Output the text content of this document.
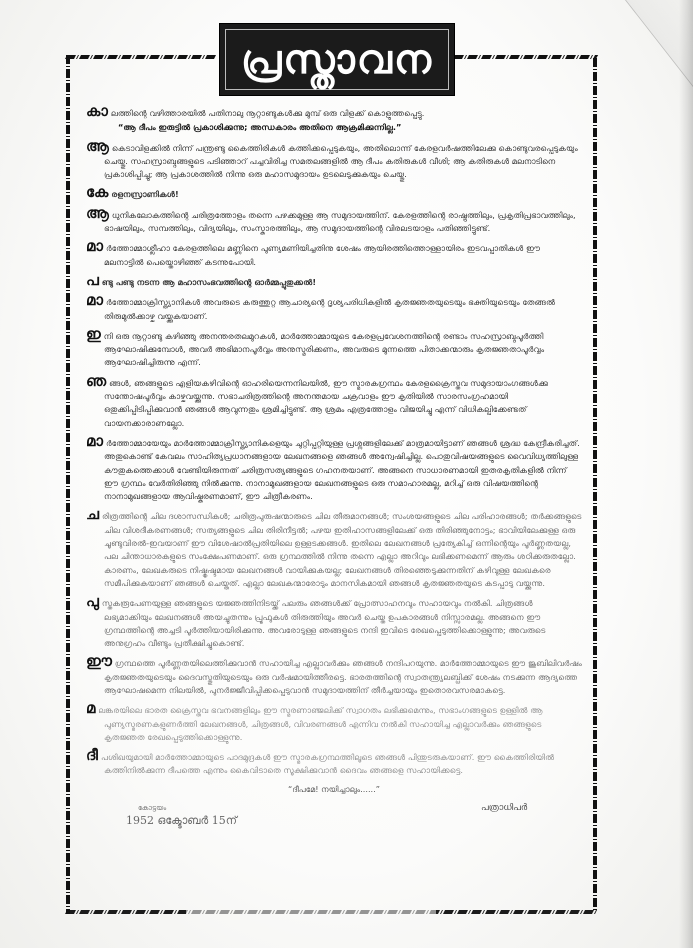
പ്രസ്താവന

കാലത്തിന്റെ വഴിത്താരയിൽ പതിനാലു നൂറ്റാണ്ടുകൾക്കു മുമ്പ് ഒരു വിളക്ക് കൊളുത്തപ്പെട്ടു.

“ആ ദീപം ഇരുട്ടിൽ പ്രകാശിക്കുന്നു; അന്ധകാരം അതിനെ ആക്രമിക്കുന്നില്ല.”

ആകെടാവിളക്കിൽ നിന്ന് പന്ത്രണ്ടു കൈത്തിരികൾ കത്തിക്കപ്പെടുകയും, അതിലൊന്ന് കേരളവർഷത്തിലേക്കു കൊണ്ടുവരപ്പെടുകയും ചെയ്തു. സഹസ്രാബ്ദങ്ങളുടെ പടിഞ്ഞാറ് പച്ചവിരിച്ച സമതലങ്ങളിൽ ആ ദീപം കതിരുകൾ വീശി; ആ കതിരുകൾ മലനാടിനെ പ്രകാശിപ്പിച്ചു; ആ പ്രകാശത്തിൽ നിന്നു ഒരു മഹാസമുദായം ഉടലെടുക്കുകയും ചെയ്തു.

കേരളനസ്രാണികൾ!

ആധുനികലോകത്തിന്റെ ചരിത്രത്തോളം തന്നെ പഴക്കമുള്ള ആ സമുദായത്തിന്. കേരളത്തിന്റെ രാഷ്ട്രത്തിലും, പ്രകൃതിപ്രഭാവത്തിലും, ഭാഷയിലും, സമ്പത്തിലും, വിദ്യയിലും, സംസ്കാരത്തിലും, ആ സമുദായത്തിന്റെ വിരലടയാളം പതിഞ്ഞിട്ടുണ്ട്.

മാർത്തോമ്മാശ്ലീഹാ കേരളത്തിലെ മണ്ണിനെ പുണ്യമണിയിച്ചതിനു ശേഷം ആയിരത്തിത്തൊള്ളായിരം ഇടവപ്പാതികൾ ഈ മലനാട്ടിൽ പെയ്തൊഴിഞ്ഞ് കടന്നുപോയി.

പണ്ടു പണ്ടു നടന്ന ആ മഹാസംഭവത്തിന്റെ ഓർമ്മപ്പുതുക്കൽ!

മാർത്തോമ്മാക്രിസ്ത്യാനികൾ അവരുടെ കരുത്തുറ്റ ആചാര്യന്റെ ദൃശ്യപരിധികളിൽ കൃതജ്ഞതയുടെയും ഭക്തിയുടെയും തേങ്ങൽ തിരുമുൽക്കാഴ്ച വയ്ക്കുകയാണ്.

ഇനി ഒരു നൂറ്റാണ്ടു കഴിഞ്ഞു അനന്തരതലമുറകൾ, മാർത്തോമ്മായുടെ കേരളപ്രവേശനത്തിന്റെ രണ്ടാം സഹസ്രാബ്ദപൂർത്തി ആഘോഷിക്കുമ്പോൾ, അവർ അഭിമാനപൂർവ്വം അനുസ്മരിക്കണം, അവരുടെ മുന്നത്തെ പിതാക്കന്മാരും കൃതജ്ഞതാപൂർവ്വം ആഘോഷിച്ചിരുന്നു എന്ന്.

ഞങ്ങൾ, ഞങ്ങളുടെ എളിയകഴിവിന്റെ ഓഹരിയെന്നനിലയിൽ, ഈ സ്മാരകഗ്രന്ഥം കേരളക്രൈസ്തവ സമുദായാംഗങ്ങൾക്കു സന്തോഷപൂർവ്വം കാഴ്ചവയ്ക്കുന്നു. സഭാചരിത്രത്തിന്റെ അനന്തമായ ചക്രവാളം ഈ കൃതിയിൽ സാരസംഗ്രഹമായി ഒതുക്കിപ്പിടിപ്പിക്കുവാൻ ഞങ്ങൾ ആവുന്നതും ശ്രമിച്ചിട്ടുണ്ട്. ആ ശ്രമം എത്രത്തോളം വിജയിച്ചു എന്ന് വിധികല്പിക്കേണ്ടത് വായനക്കാരാണല്ലോ.

മാർത്തോമ്മായേയും മാർത്തോമ്മാക്രിസ്ത്യാനികളെയും ചുറ്റിപ്പറ്റിയുള്ള പ്രശ്നങ്ങളിലേക്ക് മാത്രമായിട്ടാണ് ഞങ്ങൾ ശ്രദ്ധ കേന്ദ്രീകരിച്ചത്. അതുകൊണ്ട് കേവലം സാഹിത്യപ്രധാനങ്ങളായ ലേഖനങ്ങളെ ഞങ്ങൾ അന്വേഷിച്ചില്ല. പൊതുവിഷയങ്ങളുടെ വൈവിധ്യത്തിലുള്ള കൗതുകത്തെക്കാൾ വേണ്ടിയിരുന്നത് ചരിത്രസത്യങ്ങളുടെ ഗഹനതയാണ്. അങ്ങനെ സാധാരണമായി ഇതരകൃതികളിൽ നിന്ന് ഈ ഗ്രന്ഥം വേർതിരിഞ്ഞു നിൽക്കുന്നു. നാനാമുഖങ്ങളായ ലേഖനങ്ങളുടെ ഒരു സമാഹാരമല്ല, മറിച്ച് ഒരു വിഷയത്തിന്റെ നാനാമുഖങ്ങളായ ആവിഷ്കരണമാണ്, ഈ ചിത്രീകരണം.

ചരിത്രത്തിന്റെ ചില ദശാസന്ധികൾ; ചരിത്രപുരുഷന്മാരുടെ ചില തീരുമാനങ്ങൾ; സംശയങ്ങളുടെ ചില പരിഹാരങ്ങൾ; തർക്കങ്ങളുടെ ചില വിശദീകരണങ്ങൾ; സത്യങ്ങളുടെ ചില തിരിനീട്ടൽ; പഴയ ഇതിഹാസങ്ങളിലേക്ക് ഒരു തിരിഞ്ഞുനോട്ടം; ഭാവിയിലേക്കുള്ള ഒരു ചൂണ്ടുവിരൽ-ഇവയാണ് ഈ വിശേഷാൽപ്രതിയിലെ ഉള്ളടക്കങ്ങൾ. ഇതിലെ ലേഖനങ്ങൾ പ്രത്യേകിച്ച് ഒന്നിന്റെയും പൂർണ്ണതയല്ല, പല ചിന്താധാരകളുടെ സംക്ഷേപണമാണ്. ഒരു ഗ്രന്ഥത്തിൽ നിന്നു തന്നെ എല്ലാ അറിവും ലഭിക്കണമെന്ന് ആരും ശഠിക്കരുതല്ലോ. കാരണം, ലേഖകരുടെ നിഷ്കൃഷ്ടമായ ലേഖനങ്ങൾ വായിക്കുകയല്ല; ലേഖനങ്ങൾ തിരഞ്ഞെടുക്കുന്നതിന് കഴിവുള്ള ലേഖകരെ സമീപിക്കുകയാണ് ഞങ്ങൾ ചെയ്തത്. എല്ലാ ലേഖകന്മാരോടും മാനസികമായി ഞങ്ങൾ കൃതജ്ഞതയുടെ കടപ്പാടു വയ്ക്കുന്നു.

പുസ്തകരൂപേണയുള്ള ഞങ്ങളുടെ യജ്ഞത്തിനിടയ്ക്ക് പലരും ഞങ്ങൾക്ക് പ്രോത്സാഹനവും സഹായവും നൽകി. ചിത്രങ്ങൾ ലഭ്യമാക്കിയും ലേഖനങ്ങൾ അയച്ചുതന്നും പ്രൂഫുകൾ തിരുത്തിയും അവർ ചെയ്ത ഉപകാരങ്ങൾ നിസ്സാരമല്ല. അങ്ങനെ ഈ ഗ്രന്ഥത്തിന്റെ അച്ചടി പൂർത്തിയായിരിക്കുന്നു. അവരോടുള്ള ഞങ്ങളുടെ നന്ദി ഇവിടെ രേഖപ്പെടുത്തിക്കൊള്ളുന്നു; അവരുടെ അനുഗ്രഹം വീണ്ടും പ്രതീക്ഷിച്ചുകൊണ്ട്.

ഈഗ്രന്ഥത്തെ പൂർണ്ണതയിലെത്തിക്കുവാൻ സഹായിച്ച എല്ലാവർക്കും ഞങ്ങൾ നന്ദിപറയുന്നു. മാർത്തോമ്മായുടെ ഈ ജൂബിലിവർഷം കൃതജ്ഞതയുടെയും ദൈവസ്തുതിയുടെയും ഒരു വർഷമായിത്തീരട്ടെ. ഭാരതത്തിന്റെ സ്വാതന്ത്ര്യലബ്ധിക്ക് ശേഷം നടക്കുന്ന ആദ്യത്തെ ആഘോഷമെന്ന നിലയിൽ, പുനർജ്ജീവിപ്പിക്കപ്പെടുവാൻ സമുദായത്തിന് തീർച്ചയായും ഇതൊരവസരമാകട്ടെ.

മലങ്കരയിലെ ഭാരത ക്രൈസ്തവ ഭവനങ്ങളിലും ഈ സ്മരണാഞ്ജലിക്ക് സ്വാഗതം ലഭിക്കുമെന്നും, സഭാംഗങ്ങളുടെ ഉള്ളിൽ ആ പുണ്യസ്മരണകളുണർത്തി ലേഖനങ്ങൾ, ചിത്രങ്ങൾ, വിവരണങ്ങൾ എന്നിവ നൽകി സഹായിച്ച എല്ലാവർക്കും ഞങ്ങളുടെ കൃതജ്ഞത രേഖപ്പെടുത്തിക്കൊള്ളുന്നു.

ദീപശിഖയുമായി മാർത്തോമ്മായുടെ പാദമുദ്രകൾ ഈ സ്മാരകഗ്രന്ഥത്തിലൂടെ ഞങ്ങൾ പിന്തുടരുകയാണ്. ഈ കൈത്തിരിയിൽ കത്തിനിൽക്കുന്ന ദീപത്തെ എന്നും കൈവിടാതെ സൂക്ഷിക്കുവാൻ ദൈവം ഞങ്ങളെ സഹായിക്കട്ടെ.

“ദീപമേ! നയിച്ചാലും......”
കോട്ടയം
1952 ഒക്ടോബർ 15ന്
പത്രാധിപർ
